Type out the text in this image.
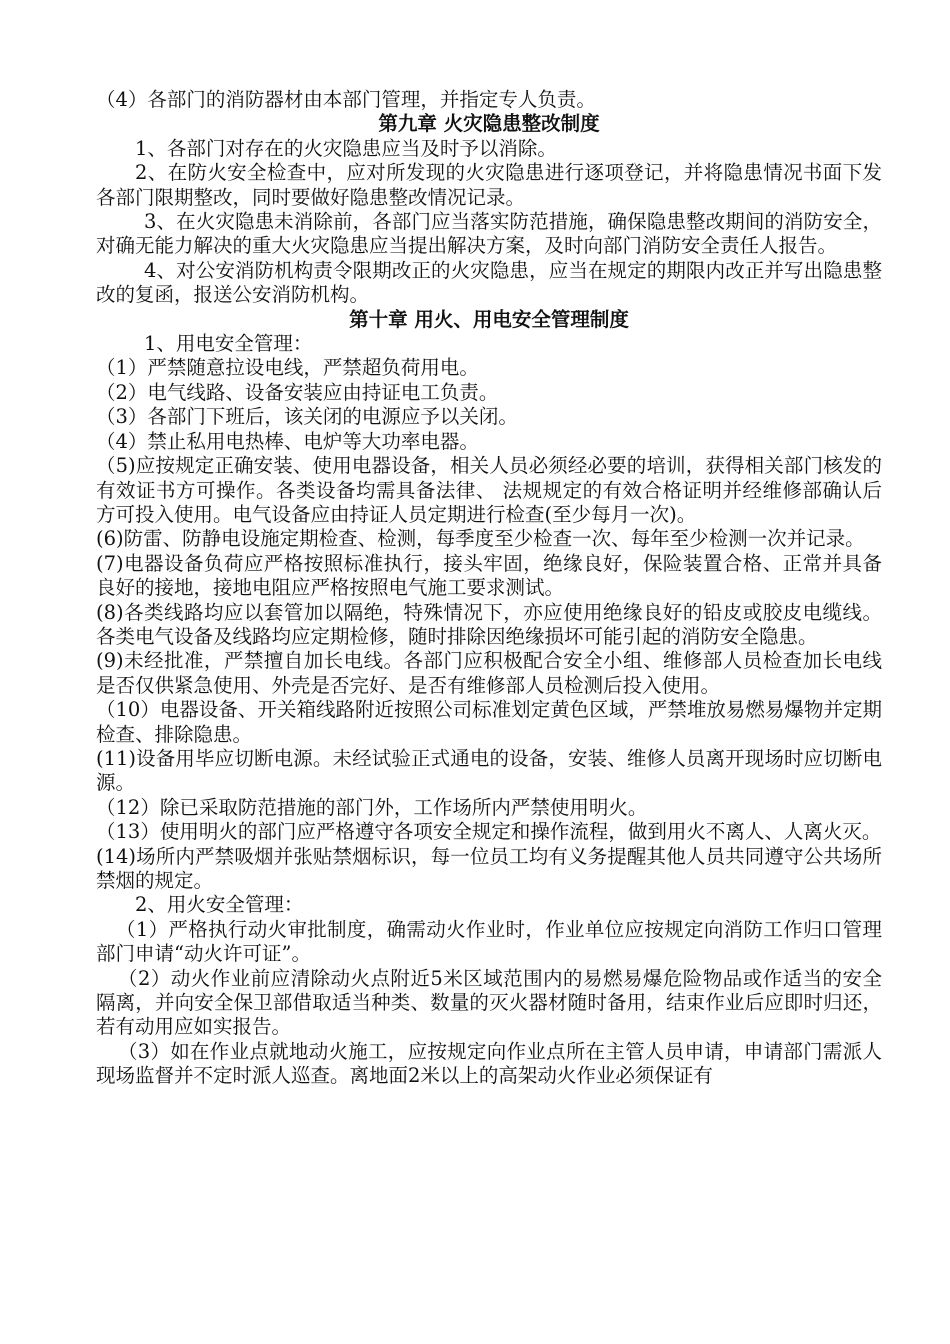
（4）各部门的消防器材由本部门管理，并指定专人负责。

第九章 火灾隐患整改制度

1、各部门对存在的火灾隐患应当及时予以消除。

2、在防火安全检查中，应对所发现的火灾隐患进行逐项登记，并将隐患情况书面下发各部门限期整改，同时要做好隐患整改情况记录。

3、在火灾隐患未消除前，各部门应当落实防范措施，确保隐患整改期间的消防安全，对确无能力解决的重大火灾隐患应当提出解决方案，及时向部门消防安全责任人报告。

4、对公安消防机构责令限期改正的火灾隐患，应当在规定的期限内改正并写出隐患整改的复函，报送公安消防机构。

第十章 用火、用电安全管理制度

1、用电安全管理：

（1）严禁随意拉设电线，严禁超负荷用电。

（2）电气线路、设备安装应由持证电工负责。

（3）各部门下班后，该关闭的电源应予以关闭。

（4）禁止私用电热棒、电炉等大功率电器。

（5)应按规定正确安装、使用电器设备，相关人员必须经必要的培训，获得相关部门核发的有效证书方可操作。各类设备均需具备法律、 法规规定的有效合格证明并经维修部确认后方可投入使用。电气设备应由持证人员定期进行检查(至少每月一次)。

(6)防雷、防静电设施定期检查、检测，每季度至少检查一次、每年至少检测一次并记录。

(7)电器设备负荷应严格按照标准执行，接头牢固，绝缘良好，保险装置合格、正常并具备良好的接地，接地电阻应严格按照电气施工要求测试。

(8)各类线路均应以套管加以隔绝，特殊情况下，亦应使用绝缘良好的铅皮或胶皮电缆线。各类电气设备及线路均应定期检修，随时排除因绝缘损坏可能引起的消防安全隐患。

(9)未经批准，严禁擅自加长电线。各部门应积极配合安全小组、维修部人员检查加长电线是否仅供紧急使用、外壳是否完好、是否有维修部人员检测后投入使用。

（10）电器设备、开关箱线路附近按照公司标准划定黄色区域，严禁堆放易燃易爆物并定期检查、排除隐患。

(11)设备用毕应切断电源。未经试验正式通电的设备，安装、维修人员离开现场时应切断电源。

（12）除已采取防范措施的部门外，工作场所内严禁使用明火。

（13）使用明火的部门应严格遵守各项安全规定和操作流程，做到用火不离人、人离火灭。

(14)场所内严禁吸烟并张贴禁烟标识，每一位员工均有义务提醒其他人员共同遵守公共场所禁烟的规定。

2、用火安全管理：

（1）严格执行动火审批制度，确需动火作业时，作业单位应按规定向消防工作归口管理部门申请“动火许可证”。

（2）动火作业前应清除动火点附近5米区域范围内的易燃易爆危险物品或作适当的安全隔离，并向安全保卫部借取适当种类、数量的灭火器材随时备用，结束作业后应即时归还，若有动用应如实报告。

（3）如在作业点就地动火施工，应按规定向作业点所在主管人员申请，申请部门需派人现场监督并不定时派人巡查。离地面2米以上的高架动火作业必须保证有
